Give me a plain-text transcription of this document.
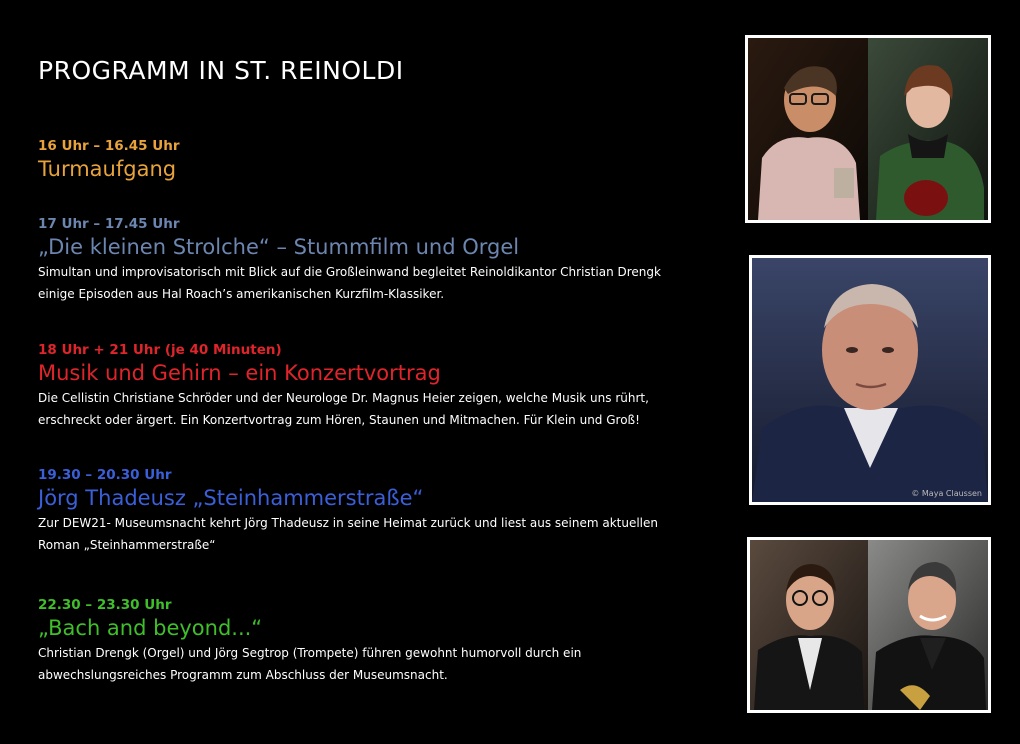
PROGRAMM IN ST. REINOLDI
16 Uhr – 16.45 Uhr
Turmaufgang
17 Uhr – 17.45 Uhr
„Die kleinen Strolche“ – Stummfilm und Orgel
Simultan und improvisatorisch mit Blick auf die Großleinwand begleitet Reinoldikantor Christian Drengk einige Episoden aus Hal Roach’s amerikanischen Kurzfilm-Klassiker.
18 Uhr + 21 Uhr (je 40 Minuten)
Musik und Gehirn – ein Konzertvortrag
Die Cellistin Christiane Schröder und der Neurologe Dr. Magnus Heier zeigen, welche Musik uns rührt, erschreckt oder ärgert. Ein Konzertvortrag zum Hören, Staunen und Mitmachen. Für Klein und Groß!
19.30 – 20.30 Uhr
Jörg Thadeusz „Steinhammerstraße“
Zur DEW21- Museumsnacht kehrt Jörg Thadeusz in seine Heimat zurück und liest aus seinem aktuellen Roman „Steinhammerstraße“
22.30 – 23.30 Uhr
„Bach and beyond...“
Christian Drengk (Orgel) und Jörg Segtrop (Trompete) führen gewohnt humorvoll durch ein abwechslungsreiches Programm zum Abschluss der Museumsnacht.
© Maya Claussen
